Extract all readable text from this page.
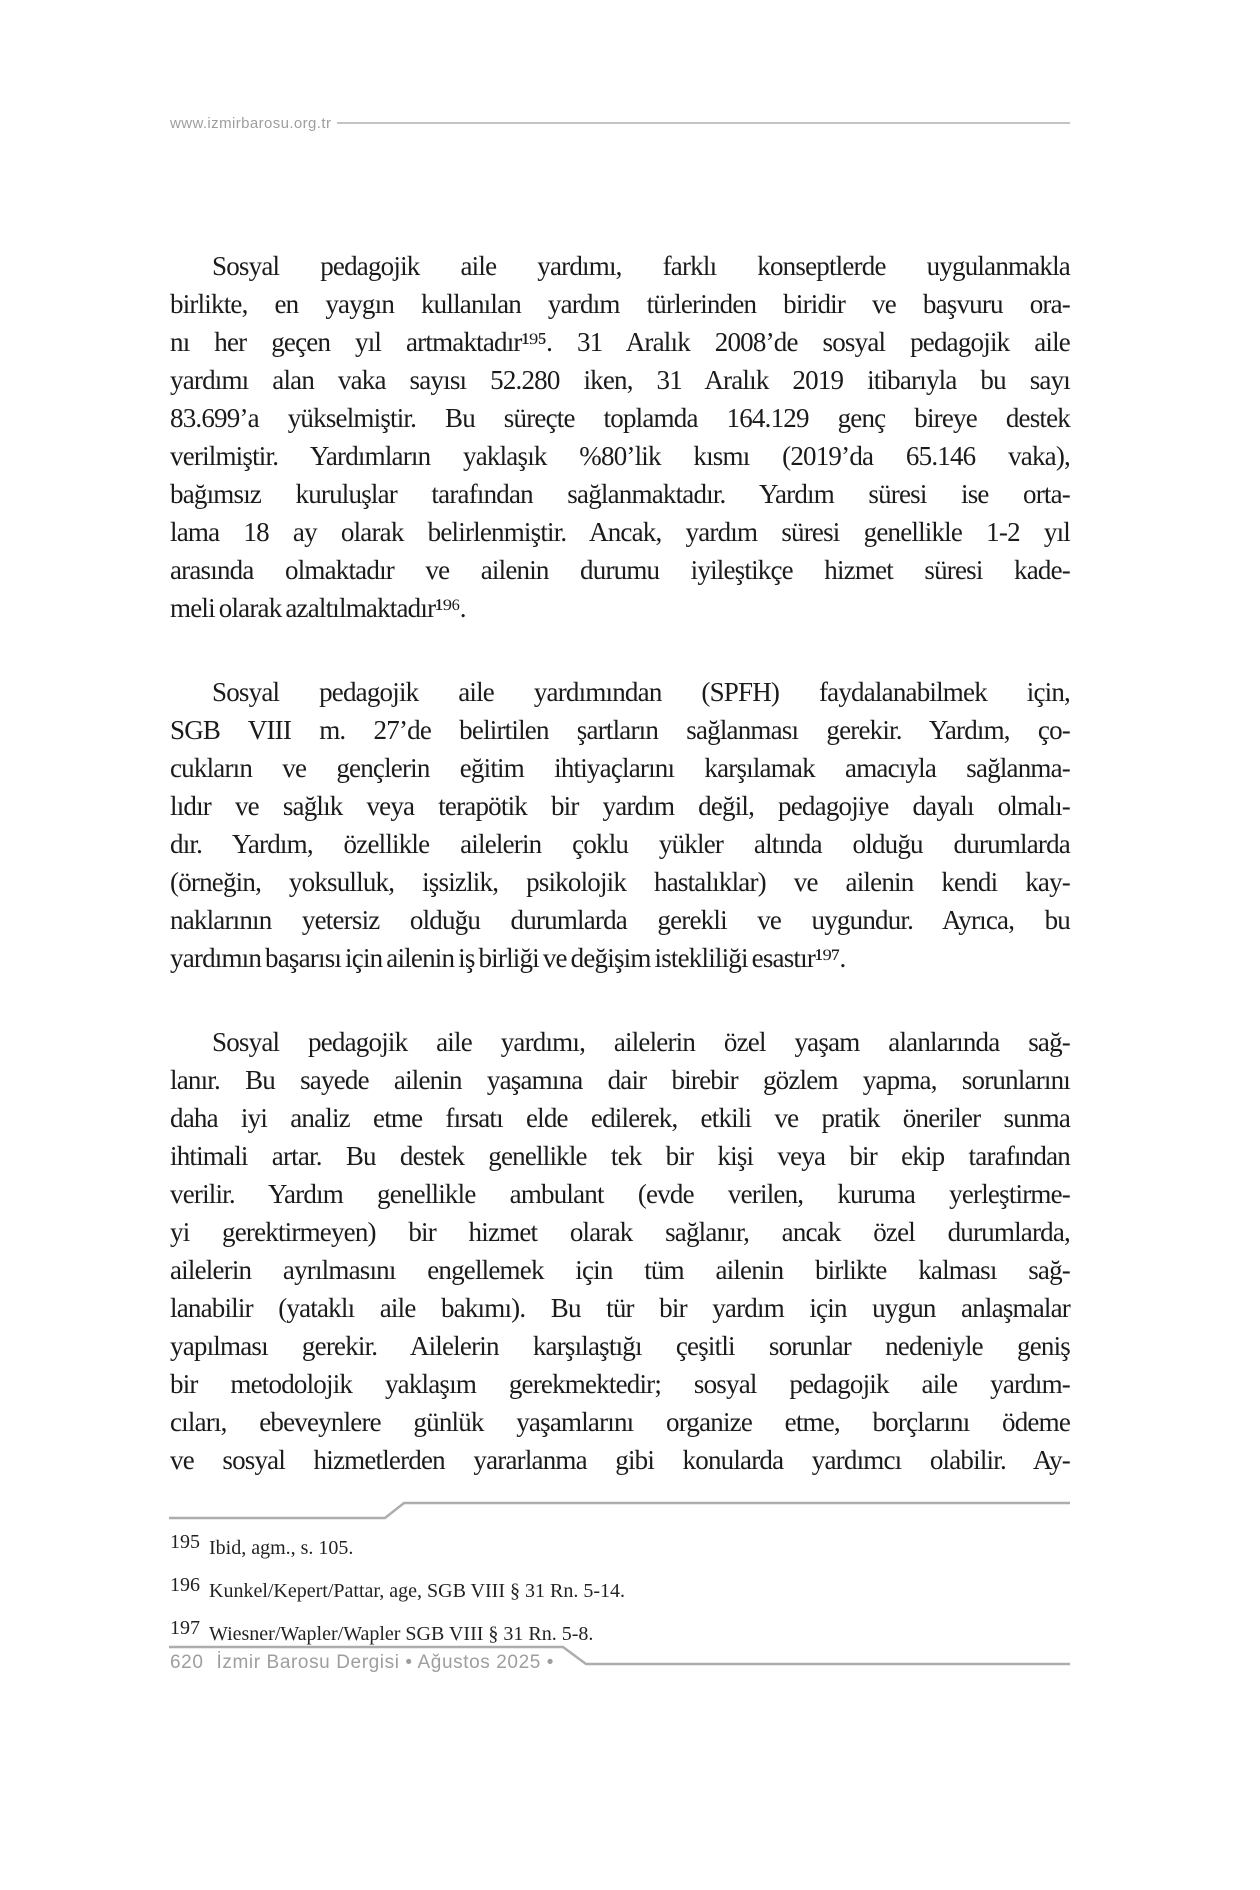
www.izmirbarosu.org.tr
Sosyal pedagojik aile yardımı, farklı konseptlerde uygulanmakla
birlikte, en yaygın kullanılan yardım türlerinden biridir ve başvuru ora-
nı her geçen yıl artmaktadır¹⁹⁵. 31 Aralık 2008’de sosyal pedagojik aile
yardımı alan vaka sayısı 52.280 iken, 31 Aralık 2019 itibarıyla bu sayı
83.699’a yükselmiştir. Bu süreçte toplamda 164.129 genç bireye destek
verilmiştir. Yardımların yaklaşık %80’lik kısmı (2019’da 65.146 vaka),
bağımsız kuruluşlar tarafından sağlanmaktadır. Yardım süresi ise orta-
lama 18 ay olarak belirlenmiştir. Ancak, yardım süresi genellikle 1-2 yıl
arasında olmaktadır ve ailenin durumu iyileştikçe hizmet süresi kade-
meli olarak azaltılmaktadır¹⁹⁶.
Sosyal pedagojik aile yardımından (SPFH) faydalanabilmek için,
SGB VIII m. 27’de belirtilen şartların sağlanması gerekir. Yardım, ço-
cukların ve gençlerin eğitim ihtiyaçlarını karşılamak amacıyla sağlanma-
lıdır ve sağlık veya terapötik bir yardım değil, pedagojiye dayalı olmalı-
dır. Yardım, özellikle ailelerin çoklu yükler altında olduğu durumlarda
(örneğin, yoksulluk, işsizlik, psikolojik hastalıklar) ve ailenin kendi kay-
naklarının yetersiz olduğu durumlarda gerekli ve uygundur. Ayrıca, bu
yardımın başarısı için ailenin iş birliği ve değişim istekliliği esastır¹⁹⁷.
Sosyal pedagojik aile yardımı, ailelerin özel yaşam alanlarında sağ-
lanır. Bu sayede ailenin yaşamına dair birebir gözlem yapma, sorunlarını
daha iyi analiz etme fırsatı elde edilerek, etkili ve pratik öneriler sunma
ihtimali artar. Bu destek genellikle tek bir kişi veya bir ekip tarafından
verilir. Yardım genellikle ambulant (evde verilen, kuruma yerleştirme-
yi gerektirmeyen) bir hizmet olarak sağlanır, ancak özel durumlarda,
ailelerin ayrılmasını engellemek için tüm ailenin birlikte kalması sağ-
lanabilir (yataklı aile bakımı). Bu tür bir yardım için uygun anlaşmalar
yapılması gerekir. Ailelerin karşılaştığı çeşitli sorunlar nedeniyle geniş
bir metodolojik yaklaşım gerekmektedir; sosyal pedagojik aile yardım-
cıları, ebeveynlere günlük yaşamlarını organize etme, borçlarını ödeme
ve sosyal hizmetlerden yararlanma gibi konularda yardımcı olabilir. Ay-
195 Ibid, agm., s. 105.
196 Kunkel/Kepert/Pattar, age, SGB VIII § 31 Rn. 5-14.
197 Wiesner/Wapler/Wapler SGB VIII § 31 Rn. 5-8.
620 İzmir Barosu Dergisi • Ağustos 2025 •
